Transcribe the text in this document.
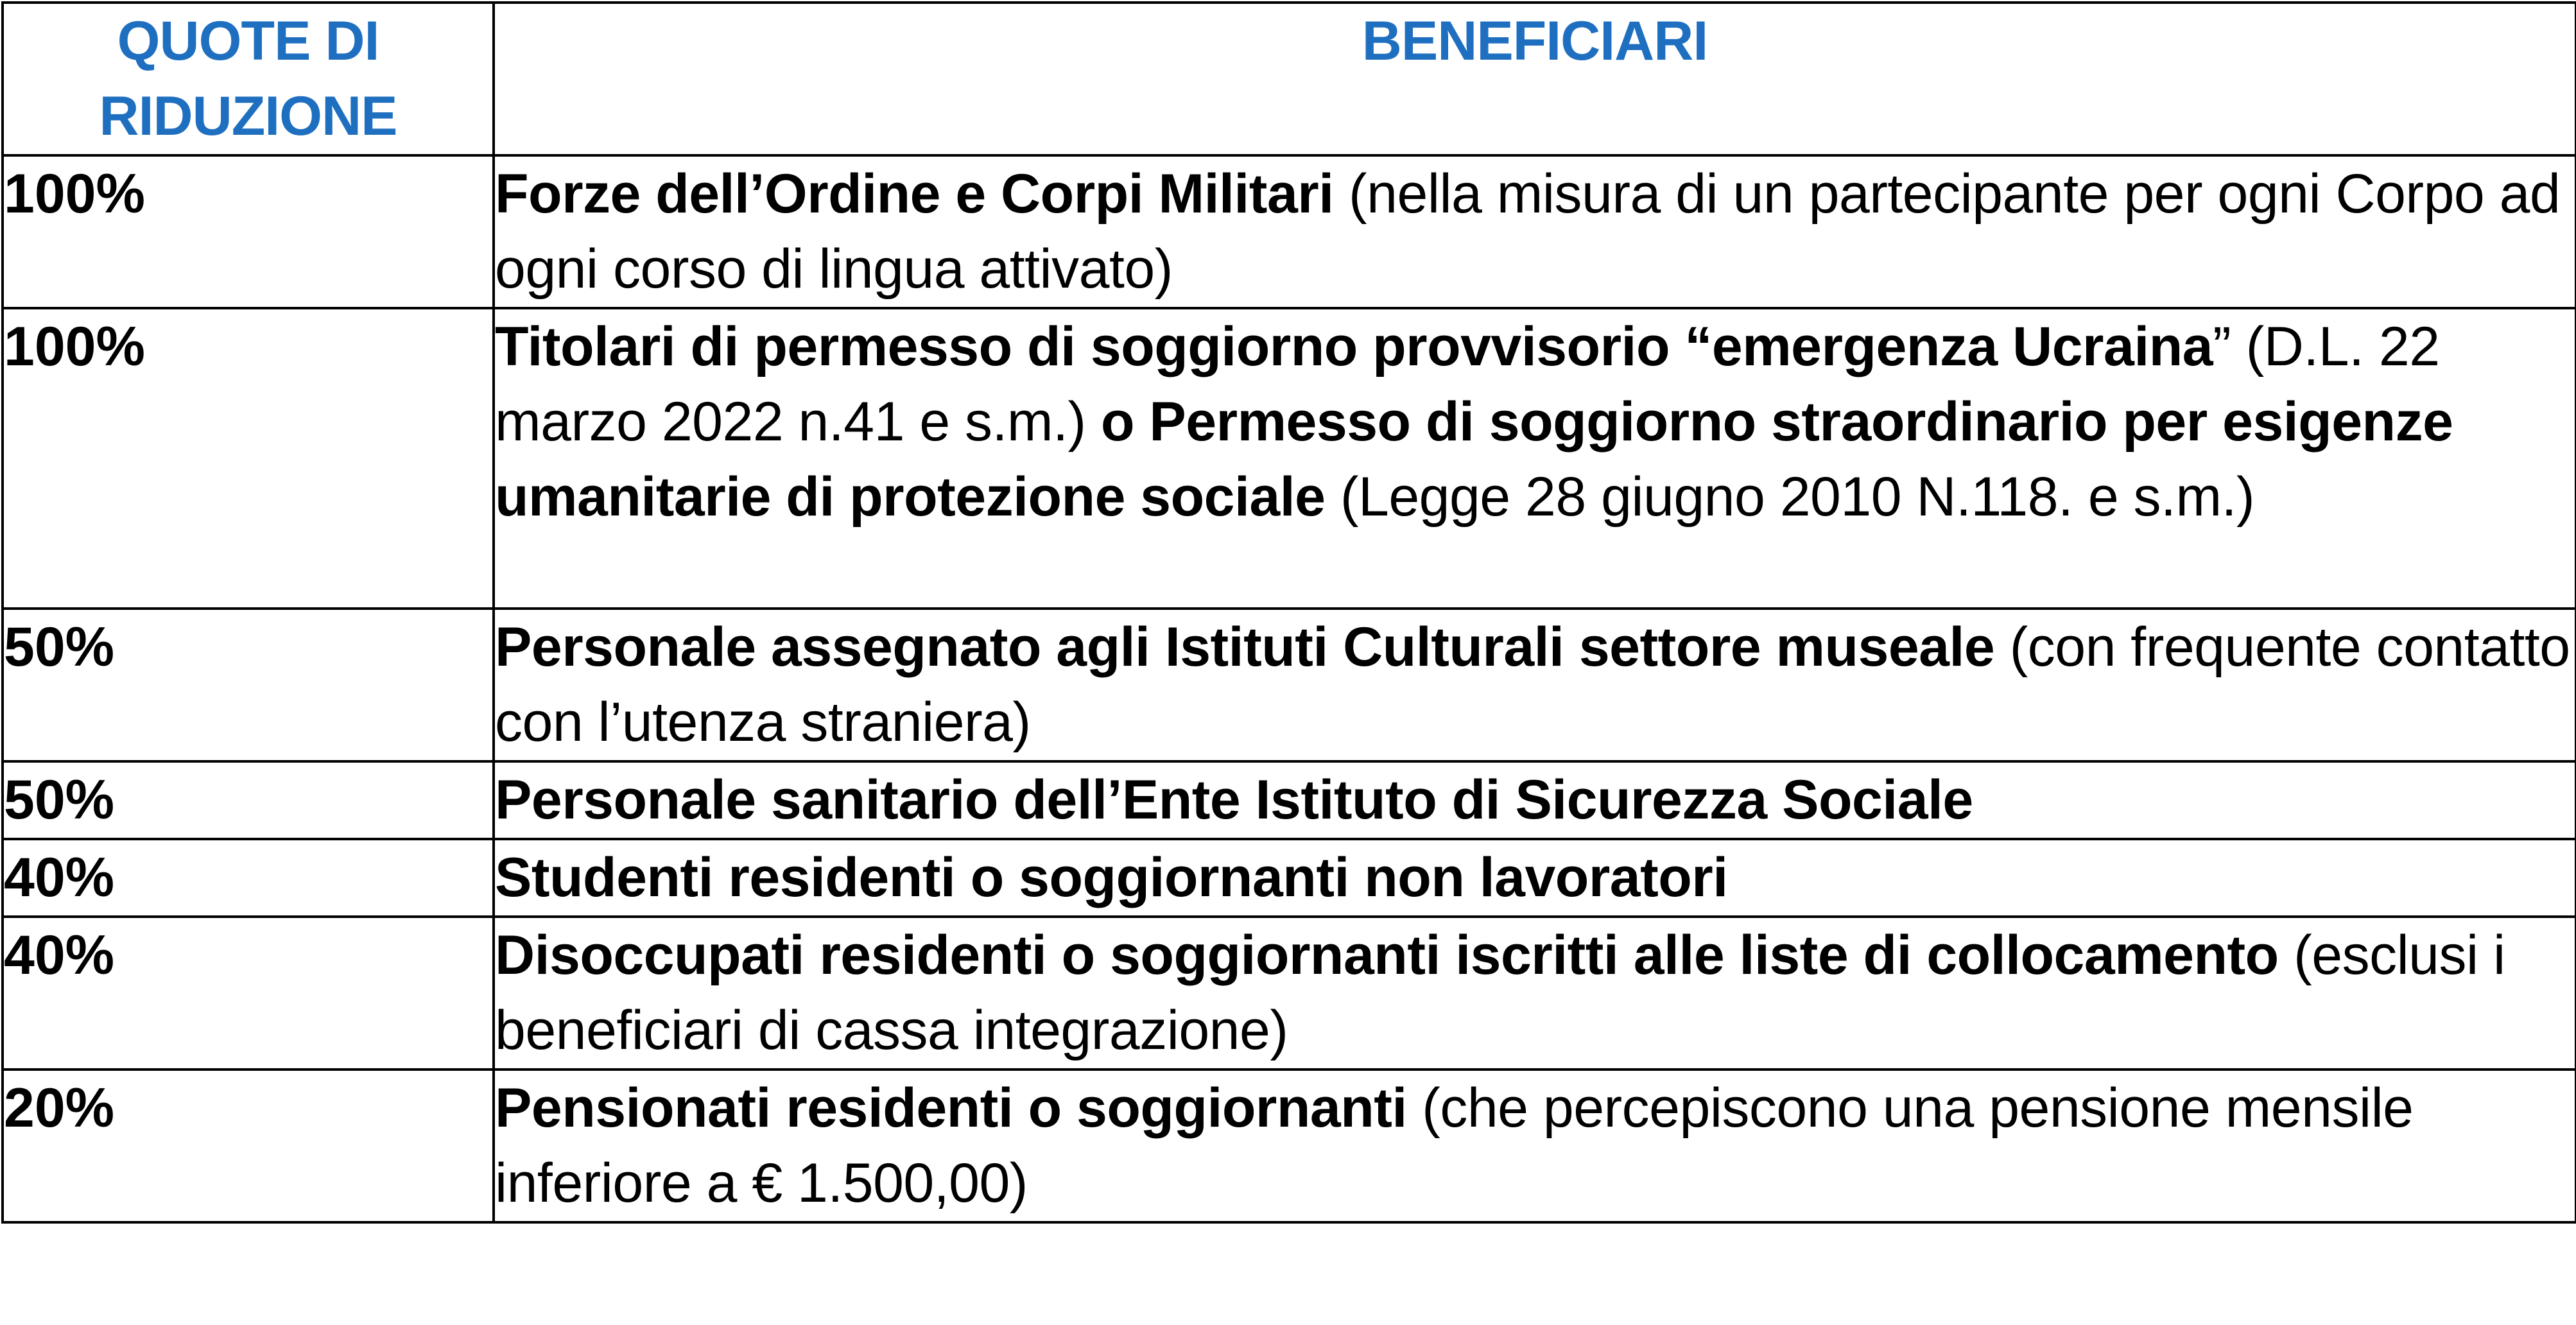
QUOTE DI RIDUZIONE	BENEFICIARI
100%	Forze dell’Ordine e Corpi Militari (nella misura di un partecipante per ogni Corpo ad ogni corso di lingua attivato)
100%	Titolari di permesso di soggiorno provvisorio “emergenza Ucraina” (D.L. 22 marzo 2022 n.41 e s.m.) o Permesso di soggiorno straordinario per esigenze umanitarie di protezione sociale (Legge 28 giugno 2010 N.118. e s.m.)
50%	Personale assegnato agli Istituti Culturali settore museale (con frequente contatto con l’utenza straniera)
50%	Personale sanitario dell’Ente Istituto di Sicurezza Sociale
40%	Studenti residenti o soggiornanti non lavoratori
40%	Disoccupati residenti o soggiornanti iscritti alle liste di collocamento (esclusi i beneficiari di cassa integrazione)
20%	Pensionati residenti o soggiornanti (che percepiscono una pensione mensile inferiore a € 1.500,00)
